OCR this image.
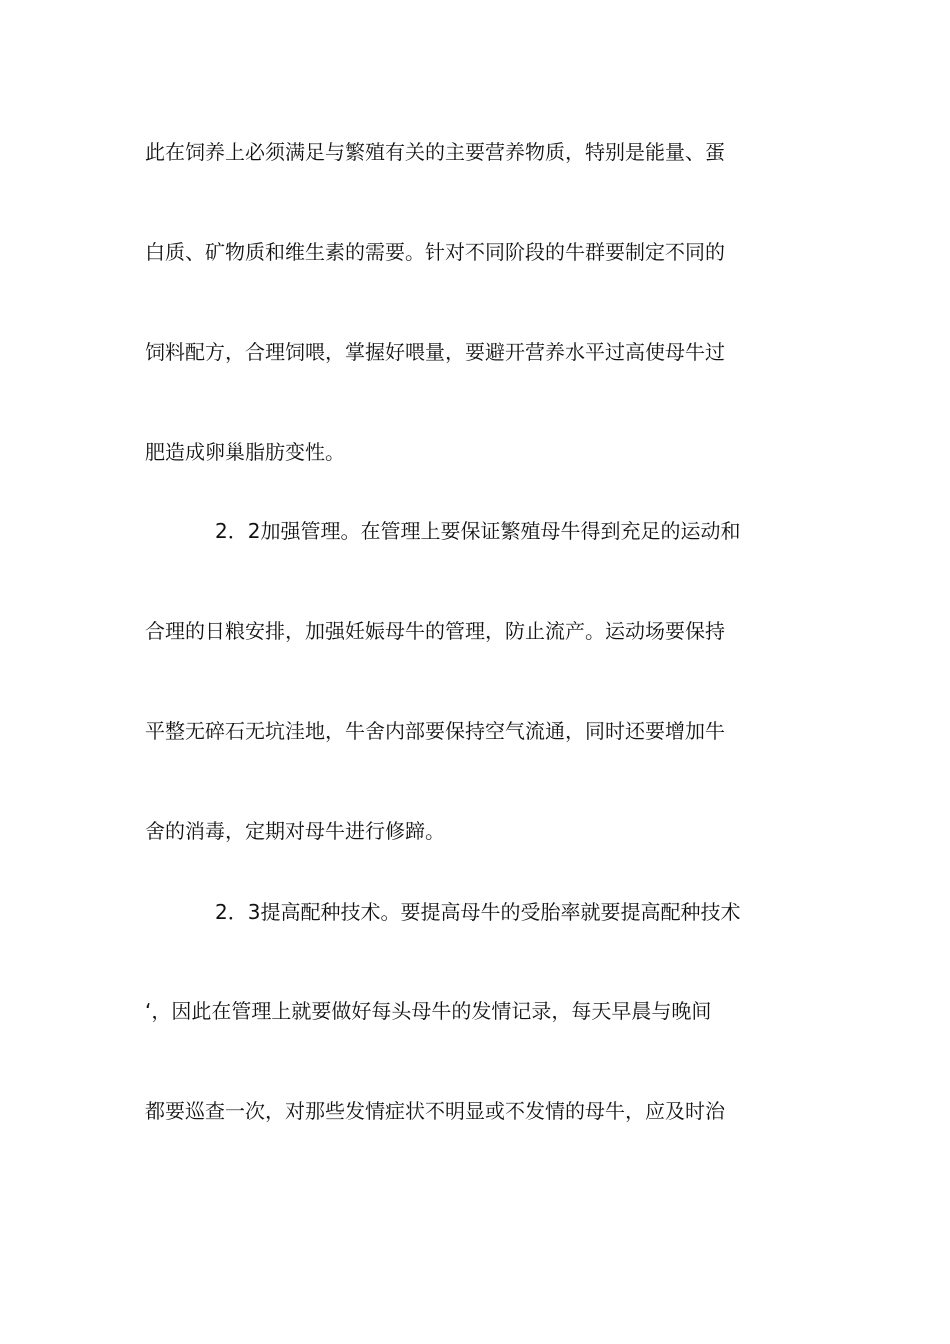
此在饲养上必须满足与繁殖有关的主要营养物质，特别是能量、蛋
白质、矿物质和维生素的需要。针对不同阶段的牛群要制定不同的
饲料配方，合理饲喂，掌握好喂量，要避开营养水平过高使母牛过
肥造成卵巢脂肪变性。
2．2加强管理。在管理上要保证繁殖母牛得到充足的运动和
合理的日粮安排，加强妊娠母牛的管理，防止流产。运动场要保持
平整无碎石无坑洼地，牛舍内部要保持空气流通，同时还要增加牛
舍的消毒，定期对母牛进行修蹄。
2．3提高配种技术。要提高母牛的受胎率就要提高配种技术
‘，因此在管理上就要做好每头母牛的发情记录，每天早晨与晚间
都要巡查一次，对那些发情症状不明显或不发情的母牛，应及时治
